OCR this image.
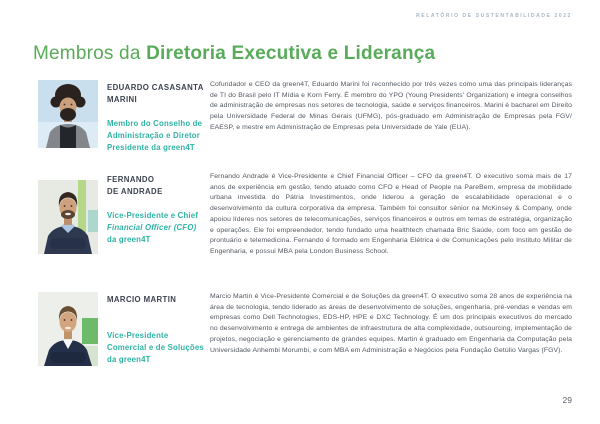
RELATÓRIO DE SUSTENTABILIDADE 2022
Membros da Diretoria Executiva e Liderança
EDUARDO CASASANTA
MARINI
Membro do Conselho de
Administração e Diretor
Presidente da green4T

Cofundador e CEO da green4T, Eduardo Marini foi reconhecido por três vezes como uma das principais lideranças de TI do Brasil pelo IT Mídia e Korn Ferry. É membro do YPO (Young Presidents' Organization) e integra conselhos de administração de empresas nos setores de tecnologia, saúde e serviços financeiros. Marini é bacharel em Direito pela Universidade Federal de Minas Gerais (UFMG), pós-graduado em Administração de Empresas pela FGV/ EAESP, e mestre em Administração de Empresas pela Universidade de Yale (EUA).

FERNANDO
DE ANDRADE
Vice-Presidente e Chief
Financial Officer (CFO)
da green4T

Fernando Andrade é Vice-Presidente e Chief Financial Officer – CFO da green4T. O executivo soma mais de 17 anos de experiência em gestão, tendo atuado como CFO e Head of People na PareBem, empresa de mobilidade urbana investida do Pátria Investimentos, onde liderou a geração de escalabilidade operacional e o desenvolvimento da cultura corporativa da empresa. Também foi consultor sênior na McKinsey & Company, onde apoiou líderes nos setores de telecomunicações, serviços financeiros e outros em temas de estratégia, organização e operações. Ele foi empreendedor, tendo fundado uma healthtech chamada Bric Saúde, com foco em gestão de prontuário e telemedicina. Fernando é formado em Engenharia Elétrica e de Comunicações pelo Instituto Militar de Engenharia, e possui MBA pela London Business School.

MARCIO MARTIN
Vice-Presidente
Comercial e de Soluções
da green4T

Marcio Martin é Vice-Presidente Comercial e de Soluções da green4T. O executivo soma 28 anos de experiência na área de tecnologia, tendo liderado as áreas de desenvolvimento de soluções, engenharia, pré-vendas e vendas em empresas como Dell Technologies, EDS-HP, HPE e DXC Technology. É um dos principais executivos do mercado no desenvolvimento e entrega de ambientes de infraestrutura de alta complexidade, outsourcing, implementação de projetos, negociação e gerenciamento de grandes equipes. Martin é graduado em Engenharia da Computação pela Universidade Anhembi Morumbi, e com MBA em Administração e Negócios pela Fundação Getúlio Vargas (FGV).

29
